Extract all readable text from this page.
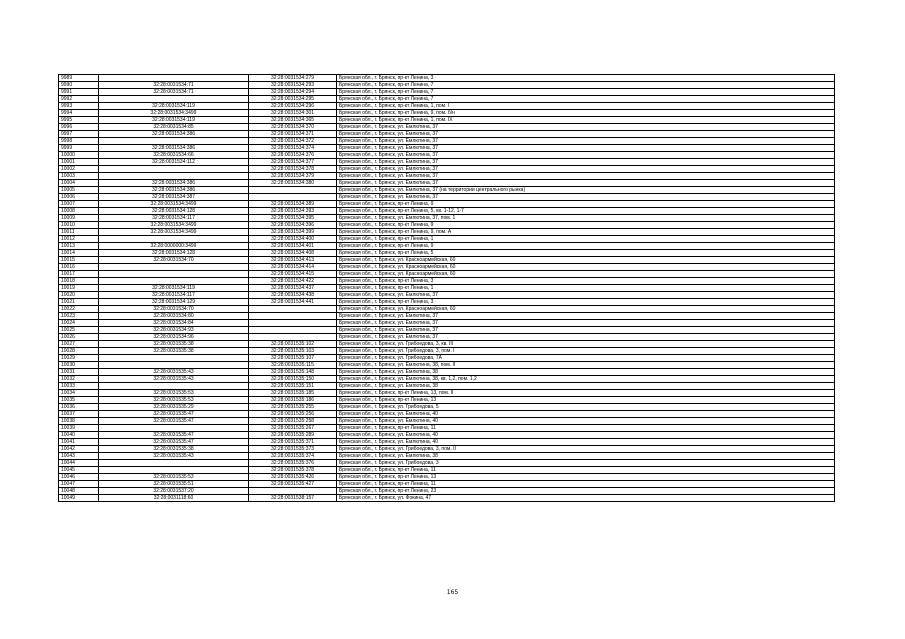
9989		32:28:0031534:279	Брянская обл., г. Брянск, пр-кт Ленина, 3
9990	32:28:0031534:71	32:28:0031534:293	Брянская обл., г. Брянск, пр-кт Ленина, 7
9991	32:28:0031534:71	32:28:0031534:294	Брянская обл., г. Брянск, пр-кт Ленина, 7
9992		32:28:0031534:295	Брянская обл., г. Брянск, пр-кт Ленина, 7
9993	32:28:0031534:119	32:28:0031534:296	Брянская обл., г. Брянск, пр-кт Ленина, 1, пом. I
9994	32:28:0031534:3499	32:28:0031534:301	Брянская обл., г. Брянск, пр-кт Ленина, 9, пом. б/н
9995	32:28:0031534:119	32:28:0031534:365	Брянская обл., г. Брянск, пр-кт Ленина, 1, пом. IX
9996	32:28:0031534:85	32:28:0031534:370	Брянская обл., г. Брянск, ул. Емлютина, 37
9997	32:28:0031534:386	32:28:0031534:371	Брянская обл., г. Брянск, ул. Емлютина, 37
9998		32:28:0031534:372	Брянская обл., г. Брянск, ул. Емлютина, 37
9999	32:28:0031534:386	32:28:0031534:374	Брянская обл., г. Брянск, ул. Емлютина, 37
10000	32:28:0031534:66	32:28:0031534:376	Брянская обл., г. Брянск, ул. Емлютина, 37
10001	32:28:0031534:112	32:28:0031534:377	Брянская обл., г. Брянск, ул. Емлютина, 37
10002		32:28:0031534:378	Брянская обл., г. Брянск, ул. Емлютина, 37
10003		32:28:0031534:379	Брянская обл., г. Брянск, ул. Емлютина, 37
10004	32:28:0031534:386	32:28:0031534:380	Брянская обл., г. Брянск, ул. Емлютина, 37
10005	32:28:0031534:386		Брянская обл., г. Брянск, ул. Емлютина, 37 (на территории центрального рынка)
10006	32:28:0031534:387		Брянская обл., г. Брянск, ул. Емлютина, 37
10007	32:28:0031534:3499	32:28:0031534:389	Брянская обл., г. Брянск, пр-кт Ленина, 9
10008	32:28:0031534:128	32:28:0031534:393	Брянская обл., г. Брянск, пр-кт Ленина, 5, кв. 1-12, 1-7
10009	32:28:0031534:117	32:28:0031534:395	Брянская обл., г. Брянск, ул. Емлютина, 37, пом. 1
10010	32:28:0031534:3499	32:28:0031534:396	Брянская обл., г. Брянск, пр-кт Ленина, 9
10011	32:28:0031534:3499	32:28:0031534:399	Брянская обл., г. Брянск, пр-кт Ленина, 9, пом. А
10012		32:28:0031534:400	Брянская обл., г. Брянск, пр-кт Ленина, 1
10013	32:28:0000000:3499	32:28:0031534:401	Брянская обл., г. Брянск, пр-кт Ленина, 9
10014	32:28:0031534:128	32:28:0031534:408	Брянская обл., г. Брянск, пр-кт Ленина, 5
10015	32:28:0031534:70	32:28:0031534:413	Брянская обл., г. Брянск, ул. Красноармейская, 60
10016		32:28:0031534:414	Брянская обл., г. Брянск, ул. Красноармейская, 60
10017		32:28:0031534:415	Брянская обл., г. Брянск, ул. Красноармейская, 60
10018		32:28:0031534:422	Брянская обл., г. Брянск, пр-кт Ленина, 3
10019	32:28:0031534:119	32:28:0031534:437	Брянская обл., г. Брянск, пр-кт Ленина, 1
10020	32:28:0031534:117	32:28:0031534:438	Брянская обл., г. Брянск, ул. Емлютина, 37
10021	32:28:0031534:129	32:28:0031534:441	Брянская обл., г. Брянск, пр-кт Ленина, 3
10022	32:28:0031534:70		Брянская обл., г. Брянск, ул. Красноармейская, 60
10023	32:28:0031534:80		Брянская обл., г. Брянск, ул. Емлютина, 37
10024	32:28:0031534:84		Брянская обл., г. Брянск, ул. Емлютина, 37
10025	32:28:0031534:93		Брянская обл., г. Брянск, ул. Емлютина, 37
10026	32:28:0031534:96		Брянская обл., г. Брянск, ул. Емлютина, 37
10027	32:28:0031535:38	32:28:0031535:102	Брянская обл., г. Брянск, ул. Грибоедова, 3, кв. III
10028	32:28:0031535:38	32:28:0031535:103	Брянская обл., г. Брянск, ул. Грибоедова, 3, пом. I
10029		32:28:0031535:107	Брянская обл., г. Брянск, ул. Грибоедова, 7А
10030		32:28:0031535:115	Брянская обл., г. Брянск, ул. Емлютина, 38, пом. II
10031	32:28:0031535:43	32:28:0031535:148	Брянская обл., г. Брянск, ул. Емлютина, 38
10032	32:28:0031535:43	32:28:0031535:150	Брянская обл., г. Брянск, ул. Емлютина, 38, кв. 1,2, пом. 1,2
10033		32:28:0031535:151	Брянская обл., г. Брянск, ул. Емлютина, 38
10034	32:28:0031535:53	32:28:0031535:185	Брянская обл., г. Брянск, пр-кт Ленина, 13, пом. II
10035	32:28:0031535:53	32:28:0031535:186	Брянская обл., г. Брянск, пр-кт Ленина, 13
10036	32:28:0031535:29	32:28:0031535:255	Брянская обл., г. Брянск, ул. Грибоедова, 5
10037	32:28:0031535:47	32:28:0031535:256	Брянская обл., г. Брянск, ул. Емлютина, 40
10038	32:28:0031535:47	32:28:0031535:258	Брянская обл., г. Брянск, ул. Емлютина, 40
10039		32:28:0031535:267	Брянская обл., г. Брянск, пр-кт Ленина, 11
10040	32:28:0031535:47	32:28:0031535:289	Брянская обл., г. Брянск, ул. Емлютина, 40
10041	32:28:0031535:47	32:28:0031535:371	Брянская обл., г. Брянск, ул. Емлютина, 40
10042	32:28:0031535:38	32:28:0031535:373	Брянская обл., г. Брянск, ул. Грибоедова, 3, пом. II
10043	32:28:0031535:43	32:28:0031535:374	Брянская обл., г. Брянск, ул. Емлютина, 38
10044		32:28:0031535:376	Брянская обл., г. Брянск, ул. Грибоедова, 3
10045		32:28:0031535:378	Брянская обл., г. Брянск, пр-кт Ленина, 11
10046	32:28:0031535:53	32:28:0031535:426	Брянская обл., г. Брянск, пр-кт Ленина, 13
10047	32:28:0031535:51	32:28:0031535:427	Брянская обл., г. Брянск, пр-кт Ленина, 11
10048	32:28:0031537:20		Брянская обл., г. Брянск, пр-кт Ленина, 23
10049	32:28:0031118:60	32:28:0031538:157	Брянская обл., г. Брянск, ул. Фокина, 47
165
